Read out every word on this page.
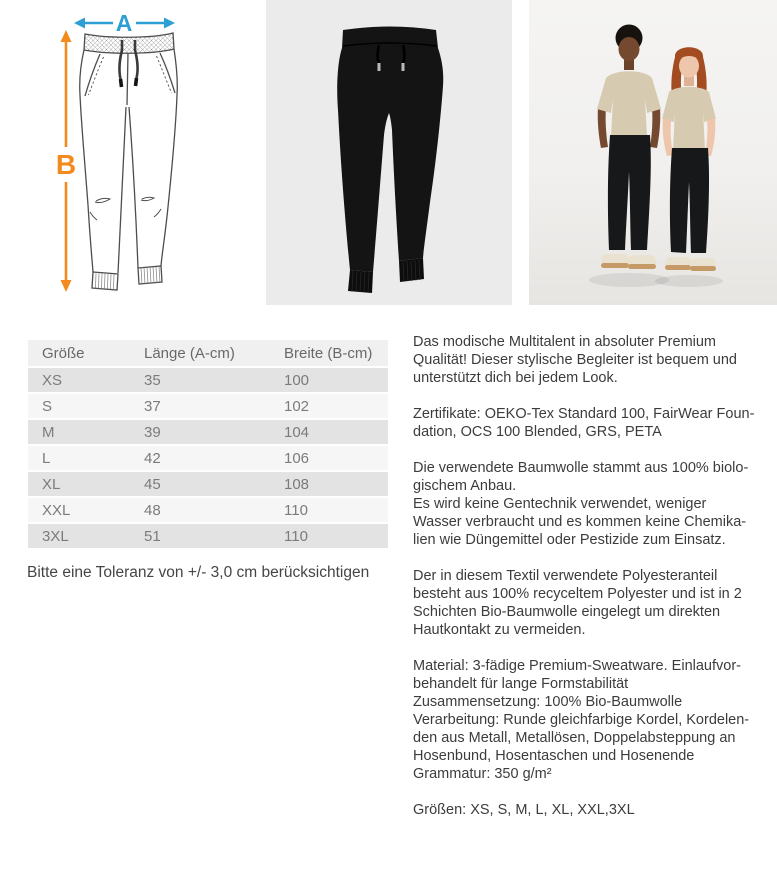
A
B
Größe	Länge (A-cm)	Breite (B-cm)
XS	35	100
S	37	102
M	39	104
L	42	106
XL	45	108
XXL	48	110
3XL	51	110
Bitte eine Toleranz von +/- 3,0 cm berücksichtigen
Das modische Multitalent in absoluter Premium
Qualität! Dieser stylische Begleiter ist bequem und
unterstützt dich bei jedem Look.
Zertifikate: OEKO-Tex Standard 100, FairWear Foun-
dation, OCS 100 Blended, GRS, PETA
Die verwendete Baumwolle stammt aus 100% biolo-
gischem Anbau.
Es wird keine Gentechnik verwendet, weniger
Wasser verbraucht und es kommen keine Chemika-
lien wie Düngemittel oder Pestizide zum Einsatz.
Der in diesem Textil verwendete Polyesteranteil
besteht aus 100% recyceltem Polyester und ist in 2
Schichten Bio-Baumwolle eingelegt um direkten
Hautkontakt zu vermeiden.
Material: 3-fädige Premium-Sweatware. Einlaufvor-
behandelt für lange Formstabilität
Zusammensetzung: 100% Bio-Baumwolle
Verarbeitung: Runde gleichfarbige Kordel, Kordelen-
den aus Metall, Metallösen, Doppelabsteppung an
Hosenbund, Hosentaschen und Hosenende
Grammatur: 350 g/m²
Größen: XS, S, M, L, XL, XXL,3XL
